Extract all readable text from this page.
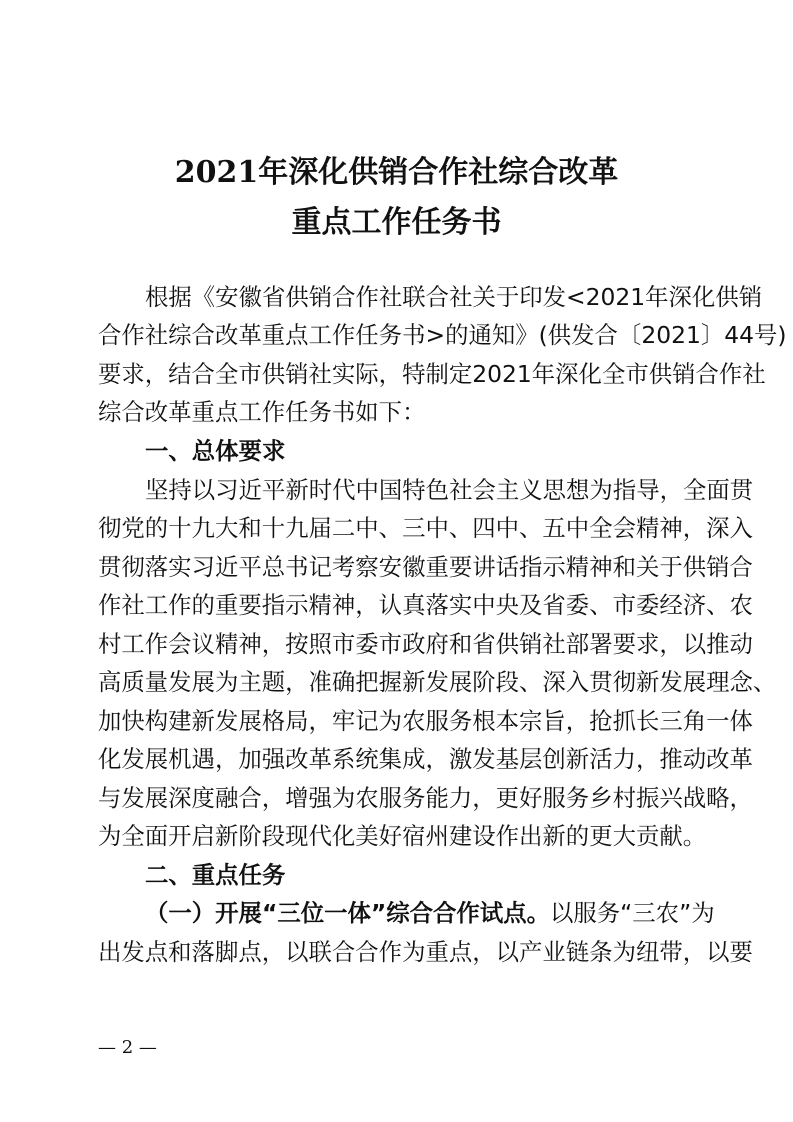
2021年深化供销合作社综合改革
重点工作任务书
根据《安徽省供销合作社联合社关于印发<2021年深化供销
合作社综合改革重点工作任务书>的通知》(供发合〔2021〕44号)
要求，结合全市供销社实际，特制定2021年深化全市供销合作社
综合改革重点工作任务书如下：
一、总体要求
坚持以习近平新时代中国特色社会主义思想为指导，全面贯
彻党的十九大和十九届二中、三中、四中、五中全会精神，深入
贯彻落实习近平总书记考察安徽重要讲话指示精神和关于供销合
作社工作的重要指示精神，认真落实中央及省委、市委经济、农
村工作会议精神，按照市委市政府和省供销社部署要求，以推动
高质量发展为主题，准确把握新发展阶段、深入贯彻新发展理念、
加快构建新发展格局，牢记为农服务根本宗旨，抢抓长三角一体
化发展机遇，加强改革系统集成，激发基层创新活力，推动改革
与发展深度融合，增强为农服务能力，更好服务乡村振兴战略，
为全面开启新阶段现代化美好宿州建设作出新的更大贡献。
二、重点任务
（一）开展“三位一体”综合合作试点。以服务“三农”为
出发点和落脚点，以联合合作为重点，以产业链条为纽带，以要
— 2 —
